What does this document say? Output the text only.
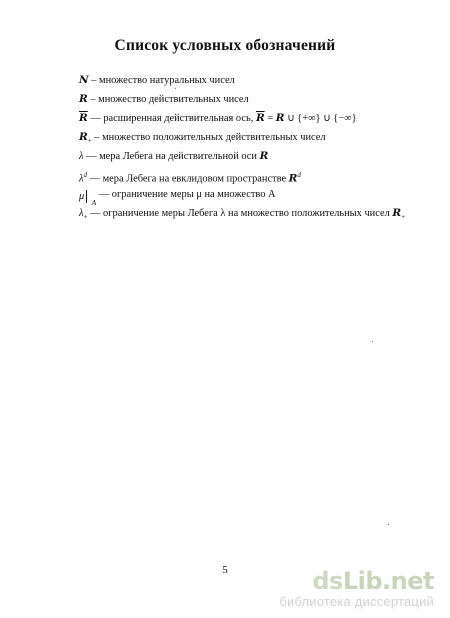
Список условных обозначений
N – множество натуральных чисел
R – множество действительных чисел
$\overline{R}$ — расширенная действительная ось, $\overline{R} = R$ ∪ {+∞} ∪ {−∞}
$R_+$ – множество положительных действительных чисел
λ — мера Лебега на действительной оси R
$\lambda^d$ — мера Лебега на евклидовом пространстве $R^d$
μ
A
— ограничение меры μ на множество A
$\lambda_+$ — ограничение меры Лебега λ на множество положительных чисел $R_+$
5	dsLib.net
библиотека диссертаций
